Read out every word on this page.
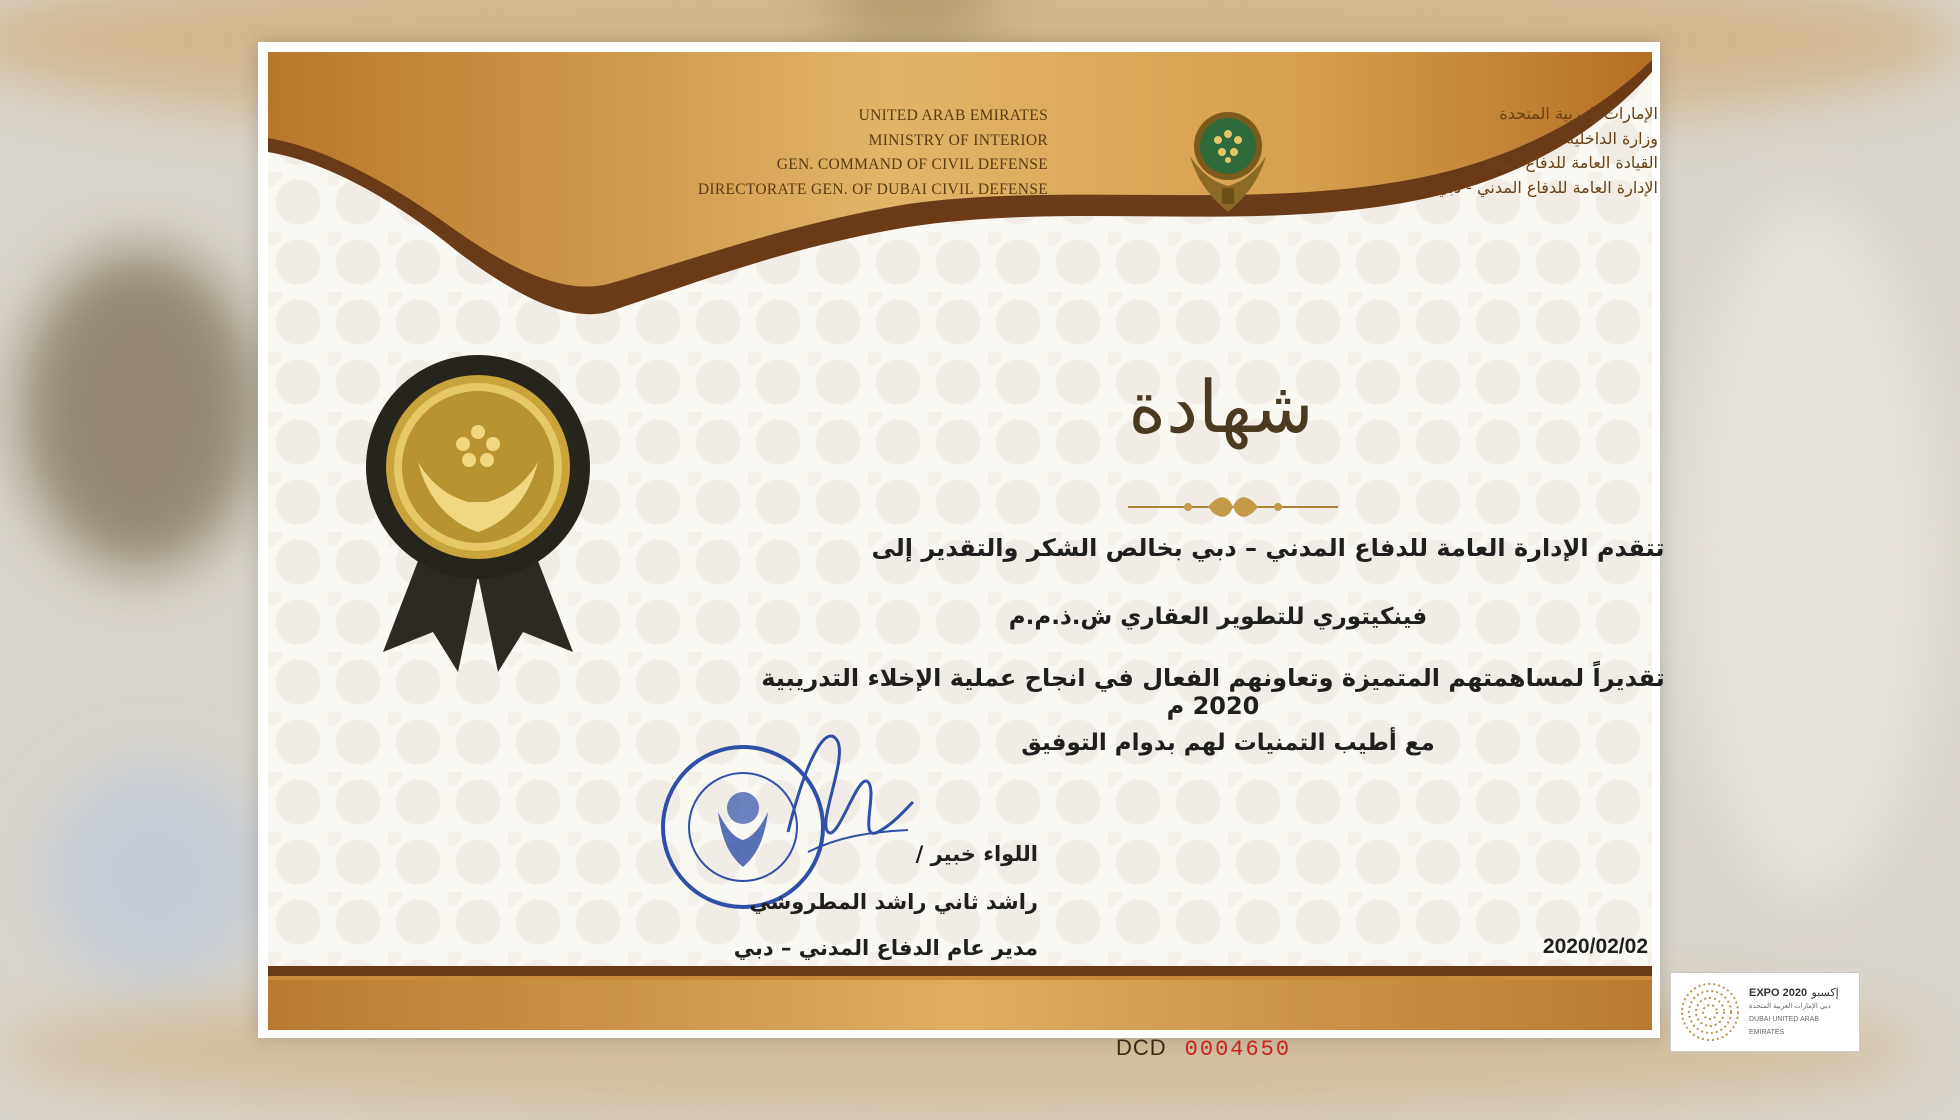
UNITED ARAB EMIRATES
MINISTRY OF INTERIOR
GEN. COMMAND OF CIVIL DEFENSE
DIRECTORATE GEN. OF DUBAI CIVIL DEFENSE
الإمارات العربية المتحدة
وزارة الداخلية
القيادة العامة للدفاع المدني
الإدارة العامة للدفاع المدني - دبي
شهادة
تتقدم الإدارة العامة للدفاع المدني – دبي بخالص الشكر والتقدير إلى
فينكيتوري للتطوير العقاري ش.ذ.م.م
تقديراً لمساهمتهم المتميزة وتعاونهم الفعال في انجاح عملية الإخلاء التدريبية 2020 م
مع أطيب التمنيات لهم بدوام التوفيق
اللواء خبير /
راشد ثاني راشد المطروشي
مدير عام الدفاع المدني – دبي	2020/02/02
EXPO 2020 إكسبو
دبي الإمارات العربية المتحدة
DUBAI UNITED ARAB EMIRATES
DCD 0004650
